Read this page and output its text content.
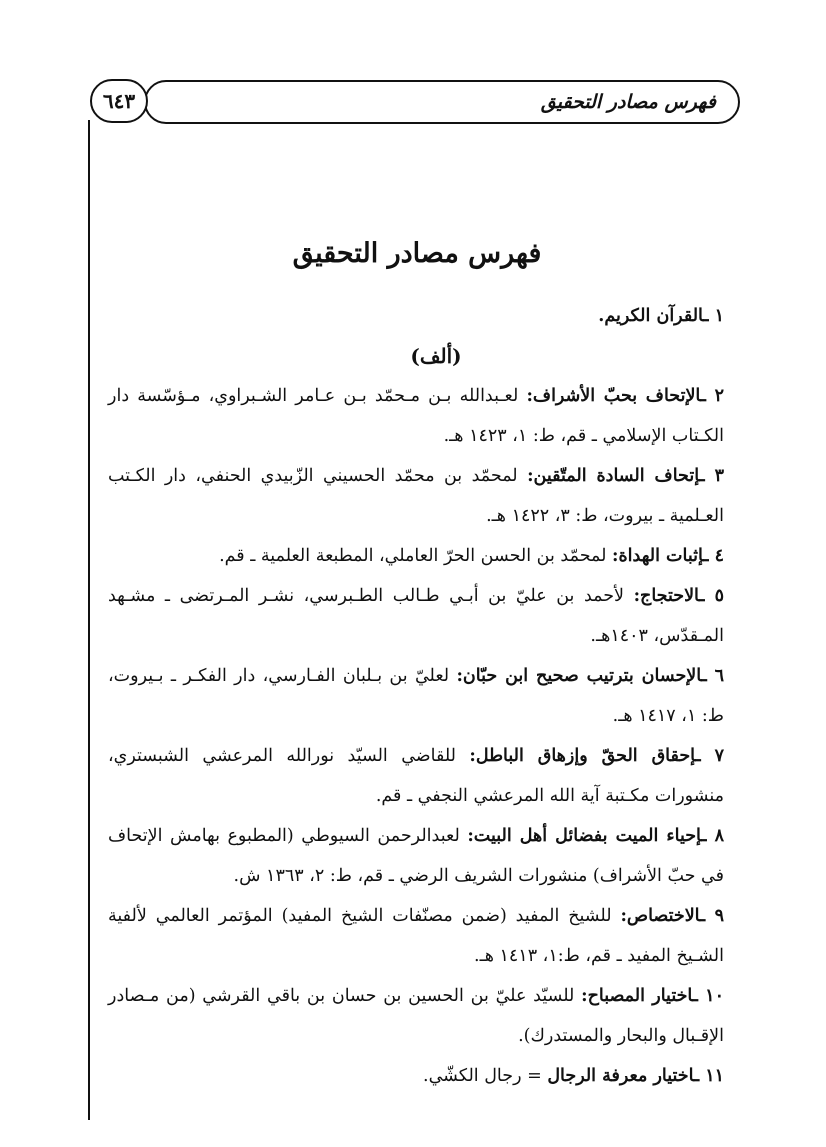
فهرس مصادر التحقيق
٦٤٣
فهرس مصادر التحقيق

١ ـالقرآن الكريم.

(ألف)

٢ ـالإتحاف بحبّ الأشراف: لعـبدالله بـن مـحمّد بـن عـامر الشـبراوي، مـؤسّسة دار الكـتاب الإسلامي ـ قم، ط: ١، ١٤٢٣ هـ.

٣ ـإتحاف السادة المتّقين: لمحمّد بن محمّد الحسيني الزّبيدي الحنفي، دار الكـتب العـلمية ـ بيروت، ط: ٣، ١٤٢٢ هـ.

٤ ـإثبات الهداة: لمحمّد بن الحسن الحرّ العاملي، المطبعة العلمية ـ قم.

٥ ـالاحتجاج: لأحمد بن عليّ بن أبـي طـالب الطـبرسي، نشـر المـرتضى ـ مشـهد المـقدّس، ١٤٠٣هـ.

٦ ـالإحسان بترتيب صحيح ابن حبّان: لعليّ بن بـلبان الفـارسي، دار الفكـر ـ بـيروت، ط: ١، ١٤١٧ هـ.

٧ ـإحقاق الحقّ وإزهاق الباطل: للقاضي السيّد نورالله المرعشي الشبستري، منشورات مكـتبة آية الله المرعشي النجفي ـ قم.

٨ ـإحياء الميت بفضائل أهل البيت: لعبدالرحمن السيوطي (المطبوع بهامش الإتحاف في حبّ الأشراف) منشورات الشريف الرضي ـ قم، ط: ٢، ١٣٦٣ ش.

٩ ـالاختصاص: للشيخ المفيد (ضمن مصنّفات الشيخ المفيد) المؤتمر العالمي لألفية الشـيخ المفيد ـ قم، ط:١، ١٤١٣ هـ.

١٠ ـاختيار المصباح: للسيّد عليّ بن الحسين بن حسان بن باقي القرشي (من مـصادر الإقـبال والبحار والمستدرك).

١١ ـاختيار معرفة الرجال = رجال الكشّي.
